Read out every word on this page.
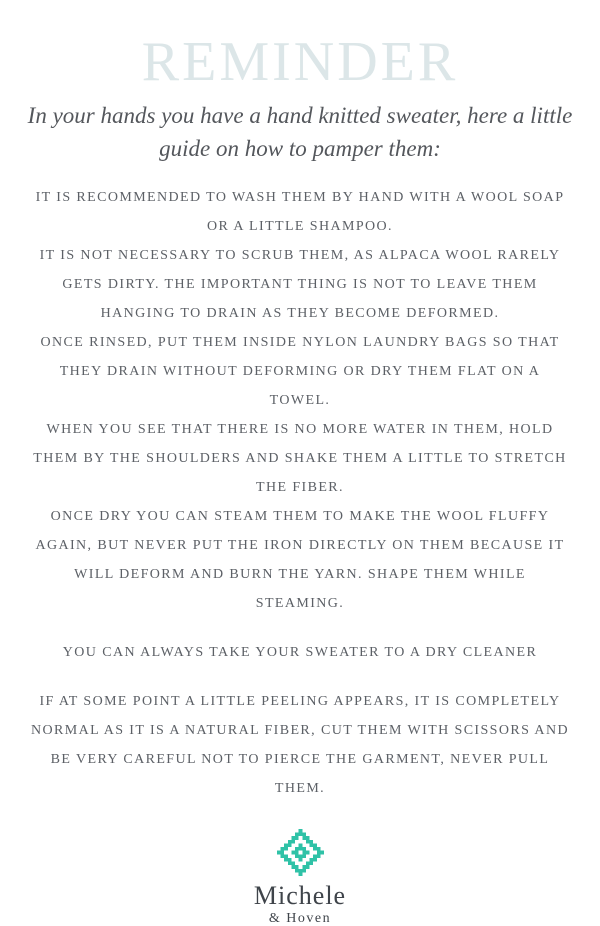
REMINDER

In your hands you have a hand knitted sweater, here a little guide on how to pamper them:

IT IS RECOMMENDED TO WASH THEM BY HAND WITH A WOOL SOAP OR A LITTLE SHAMPOO.

IT IS NOT NECESSARY TO SCRUB THEM, AS ALPACA WOOL RARELY GETS DIRTY. THE IMPORTANT THING IS NOT TO LEAVE THEM HANGING TO DRAIN AS THEY BECOME DEFORMED.

ONCE RINSED, PUT THEM INSIDE NYLON LAUNDRY BAGS SO THAT THEY DRAIN WITHOUT DEFORMING OR DRY THEM FLAT ON A TOWEL.

WHEN YOU SEE THAT THERE IS NO MORE WATER IN THEM, HOLD THEM BY THE SHOULDERS AND SHAKE THEM A LITTLE TO STRETCH THE FIBER.

ONCE DRY YOU CAN STEAM THEM TO MAKE THE WOOL FLUFFY AGAIN, BUT NEVER PUT THE IRON DIRECTLY ON THEM BECAUSE IT WILL DEFORM AND BURN THE YARN. SHAPE THEM WHILE STEAMING.

YOU CAN ALWAYS TAKE YOUR SWEATER TO A DRY CLEANER

IF AT SOME POINT A LITTLE PEELING APPEARS, IT IS COMPLETELY NORMAL AS IT IS A NATURAL FIBER, CUT THEM WITH SCISSORS AND BE VERY CAREFUL NOT TO PIERCE THE GARMENT, NEVER PULL THEM.

Michele
& Hoven
